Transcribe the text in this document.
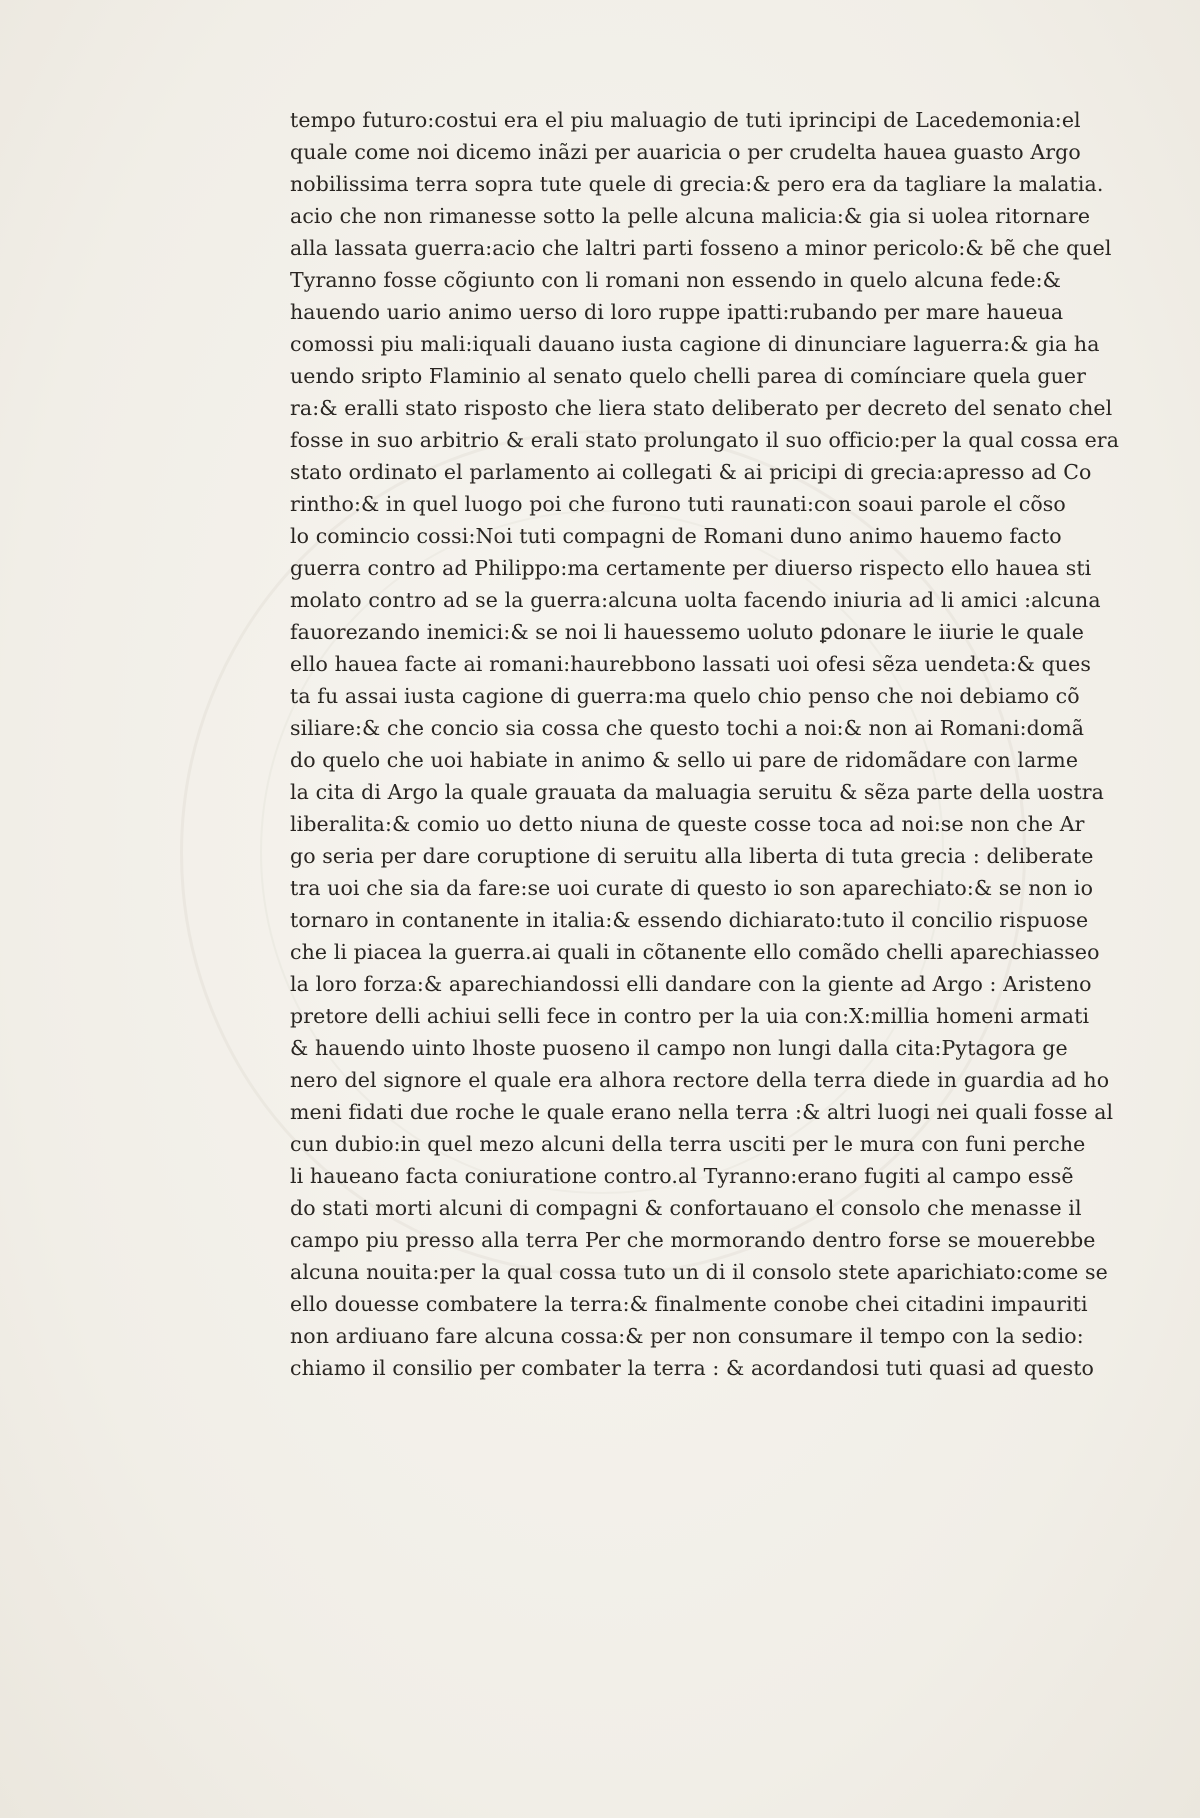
tempo futuro:costui era el piu maluagio de tuti iprincipi de Lacedemonia:el
quale come noi dicemo inãzi per auaricia o per crudelta hauea guasto Argo
nobilissima terra sopra tute quele di grecia:& pero era da tagliare la malatia.
acio che non rimanesse sotto la pelle alcuna malicia:& gia si uolea ritornare
alla lassata guerra:acio che laltri parti fosseno a minor pericolo:& bẽ che quel
Tyranno fosse cõgiunto con li romani non essendo in quelo alcuna fede:&
hauendo uario animo uerso di loro ruppe ipatti:rubando per mare haueua
comossi piu mali:iquali dauano iusta cagione di dinunciare laguerra:& gia ha
uendo sripto Flaminio al senato quelo chelli parea di comínciare quela guer
ra:& eralli stato risposto che liera stato deliberato per decreto del senato chel
fosse in suo arbitrio & erali stato prolungato il suo officio:per la qual cossa era
stato ordinato el parlamento ai collegati & ai pricipi di grecia:apresso ad Co
rintho:& in quel luogo poi che furono tuti raunati:con soaui parole el cõso
lo comincio cossi:Noi tuti compagni de Romani duno animo hauemo facto
guerra contro ad Philippo:ma certamente per diuerso rispecto ello hauea sti
molato contro ad se la guerra:alcuna uolta facendo iniuria ad li amici :alcuna
fauorezando inemici:& se noi li hauessemo uoluto ꝑdonare le iiurie le quale
ello hauea facte ai romani:haurebbono lassati uoi ofesi sẽza uendeta:& ques
ta fu assai iusta cagione di guerra:ma quelo chio penso che noi debiamo cõ
siliare:& che concio sia cossa che questo tochi a noi:& non ai Romani:domã
do quelo che uoi habiate in animo & sello ui pare de ridomãdare con larme
la cita di Argo la quale grauata da maluagia seruitu & sẽza parte della uostra
liberalita:& comio uo detto niuna de queste cosse toca ad noi:se non che Ar
go seria per dare coruptione di seruitu alla liberta di tuta grecia : deliberate
tra uoi che sia da fare:se uoi curate di questo io son aparechiato:& se non io
tornaro in contanente in italia:& essendo dichiarato:tuto il concilio rispuose
che li piacea la guerra.ai quali in cõtanente ello comãdo chelli aparechiasseo
la loro forza:& aparechiandossi elli dandare con la giente ad Argo : Aristeno
pretore delli achiui selli fece in contro per la uia con:X:millia homeni armati
& hauendo uinto lhoste puoseno il campo non lungi dalla cita:Pytagora ge
nero del signore el quale era alhora rectore della terra diede in guardia ad ho
meni fidati due roche le quale erano nella terra :& altri luogi nei quali fosse al
cun dubio:in quel mezo alcuni della terra usciti per le mura con funi perche
li haueano facta coniuratione contro.al Tyranno:erano fugiti al campo essẽ
do stati morti alcuni di compagni & confortauano el consolo che menasse il
campo piu presso alla terra Per che mormorando dentro forse se mouerebbe
alcuna nouita:per la qual cossa tuto un di il consolo stete aparichiato:come se
ello douesse combatere la terra:& finalmente conobe chei citadini impauriti
non ardiuano fare alcuna cossa:& per non consumare il tempo con la sedio:
chiamo il consilio per combater la terra : & acordandosi tuti quasi ad questo
